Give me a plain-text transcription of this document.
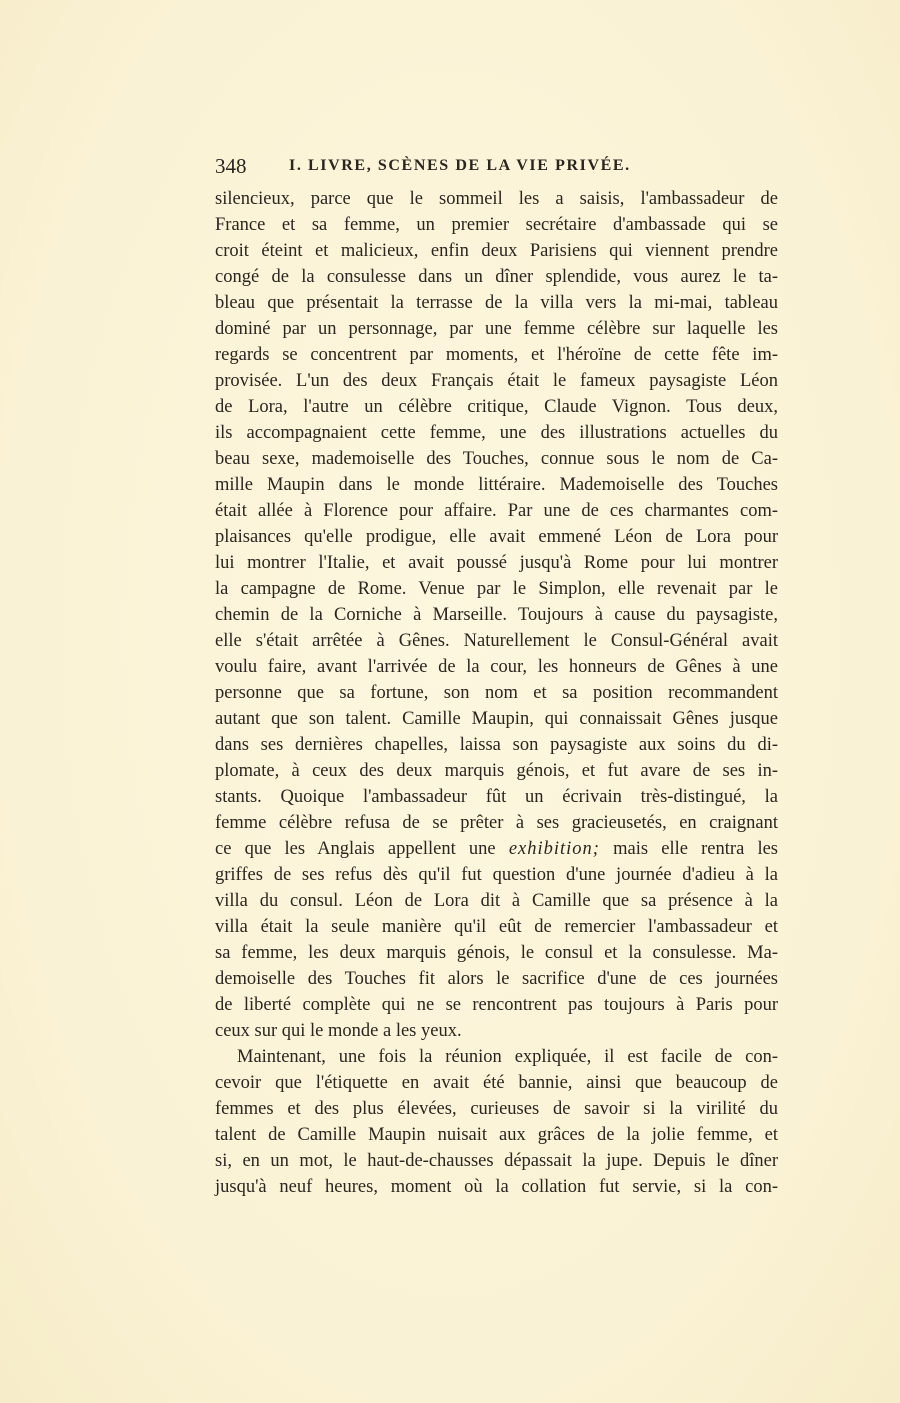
348	I. LIVRE, SCÈNES DE LA VIE PRIVÉE.
silencieux, parce que le sommeil les a saisis, l'ambassadeur de
France et sa femme, un premier secrétaire d'ambassade qui se
croit éteint et malicieux, enfin deux Parisiens qui viennent prendre
congé de la consulesse dans un dîner splendide, vous aurez le ta-
bleau que présentait la terrasse de la villa vers la mi-mai, tableau
dominé par un personnage, par une femme célèbre sur laquelle les
regards se concentrent par moments, et l'héroïne de cette fête im-
provisée. L'un des deux Français était le fameux paysagiste Léon
de Lora, l'autre un célèbre critique, Claude Vignon. Tous deux,
ils accompagnaient cette femme, une des illustrations actuelles du
beau sexe, mademoiselle des Touches, connue sous le nom de Ca-
mille Maupin dans le monde littéraire. Mademoiselle des Touches
était allée à Florence pour affaire. Par une de ces charmantes com-
plaisances qu'elle prodigue, elle avait emmené Léon de Lora pour
lui montrer l'Italie, et avait poussé jusqu'à Rome pour lui montrer
la campagne de Rome. Venue par le Simplon, elle revenait par le
chemin de la Corniche à Marseille. Toujours à cause du paysagiste,
elle s'était arrêtée à Gênes. Naturellement le Consul-Général avait
voulu faire, avant l'arrivée de la cour, les honneurs de Gênes à une
personne que sa fortune, son nom et sa position recommandent
autant que son talent. Camille Maupin, qui connaissait Gênes jusque
dans ses dernières chapelles, laissa son paysagiste aux soins du di-
plomate, à ceux des deux marquis génois, et fut avare de ses in-
stants. Quoique l'ambassadeur fût un écrivain très-distingué, la
femme célèbre refusa de se prêter à ses gracieusetés, en craignant
ce que les Anglais appellent une exhibition; mais elle rentra les
griffes de ses refus dès qu'il fut question d'une journée d'adieu à la
villa du consul. Léon de Lora dit à Camille que sa présence à la
villa était la seule manière qu'il eût de remercier l'ambassadeur et
sa femme, les deux marquis génois, le consul et la consulesse. Ma-
demoiselle des Touches fit alors le sacrifice d'une de ces journées
de liberté complète qui ne se rencontrent pas toujours à Paris pour
ceux sur qui le monde a les yeux.
Maintenant, une fois la réunion expliquée, il est facile de con-
cevoir que l'étiquette en avait été bannie, ainsi que beaucoup de
femmes et des plus élevées, curieuses de savoir si la virilité du
talent de Camille Maupin nuisait aux grâces de la jolie femme, et
si, en un mot, le haut-de-chausses dépassait la jupe. Depuis le dîner
jusqu'à neuf heures, moment où la collation fut servie, si la con-
